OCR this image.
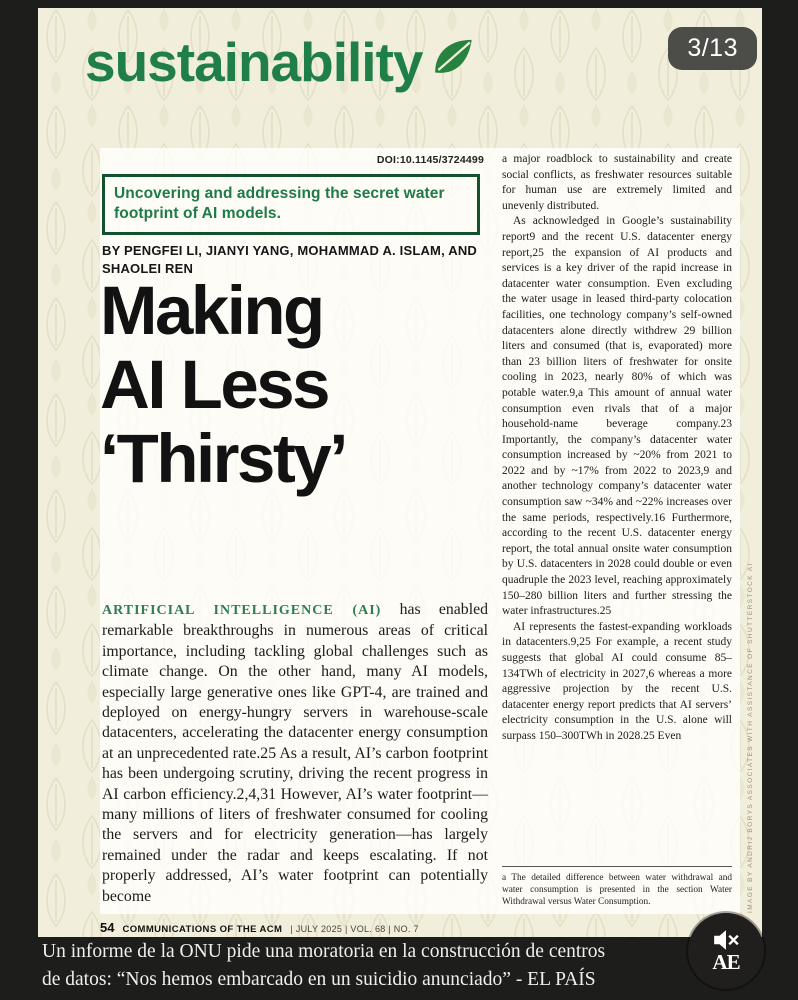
sustainability
DOI:10.1145/3724499
Uncovering and addressing the secret water footprint of AI models.
BY PENGFEI LI, JIANYI YANG, MOHAMMAD A. ISLAM, AND SHAOLEI REN
Making
AI Less
‘Thirsty’
ARTIFICIAL INTELLIGENCE (AI) has enabled remarkable breakthroughs in numerous areas of critical importance, including tackling global challenges such as climate change. On the other hand, many AI models, especially large generative ones like GPT-4, are trained and deployed on energy-hungry servers in warehouse-scale datacenters, accelerating the datacenter energy consumption at an unprecedented rate.25 As a result, AI’s carbon footprint has been undergoing scrutiny, driving the recent progress in AI carbon efficiency.2,4,31 However, AI’s water footprint—many millions of liters of freshwater consumed for cooling the servers and for electricity generation—has largely remained under the radar and keeps escalating. If not properly addressed, AI’s water footprint can potentially become

a major roadblock to sustainability and create social conflicts, as freshwater resources suitable for human use are extremely limited and unevenly distributed.

As acknowledged in Google’s sustainability report9 and the recent U.S. datacenter energy report,25 the expansion of AI products and services is a key driver of the rapid increase in datacenter water consumption. Even excluding the water usage in leased third-party colocation facilities, one technology company’s self-owned datacenters alone directly withdrew 29 billion liters and consumed (that is, evaporated) more than 23 billion liters of freshwater for onsite cooling in 2023, nearly 80% of which was potable water.9,a This amount of annual water consumption even rivals that of a major household-name beverage company.23 Importantly, the company’s datacenter water consumption increased by ~20% from 2021 to 2022 and by ~17% from 2022 to 2023,9 and another technology company’s datacenter water consumption saw ~34% and ~22% increases over the same periods, respectively.16 Furthermore, according to the recent U.S. datacenter energy report, the total annual onsite water consumption by U.S. datacenters in 2028 could double or even quadruple the 2023 level, reaching approximately 150–280 billion liters and further stressing the water infrastructures.25

AI represents the fastest-expanding workloads in datacenters.9,25 For example, a recent study suggests that global AI could consume 85–134TWh of electricity in 2027,6 whereas a more aggressive projection by the recent U.S. datacenter energy report predicts that AI servers’ electricity consumption in the U.S. alone will surpass 150–300TWh in 2028.25 Even

a The detailed difference between water withdrawal and water consumption is presented in the section Water Withdrawal versus Water Consumption.
54 COMMUNICATIONS OF THE ACM | JULY 2025 | VOL. 68 | NO. 7
IMAGE BY ANDRIJ BORYS ASSOCIATES WITH ASSISTANCE OF SHUTTERSTOCK AI
3/13
Un informe de la ONU pide una moratoria en la construcción de centros
de datos: “Nos hemos embarcado en un suicidio anunciado” - EL PAÍS
AE
